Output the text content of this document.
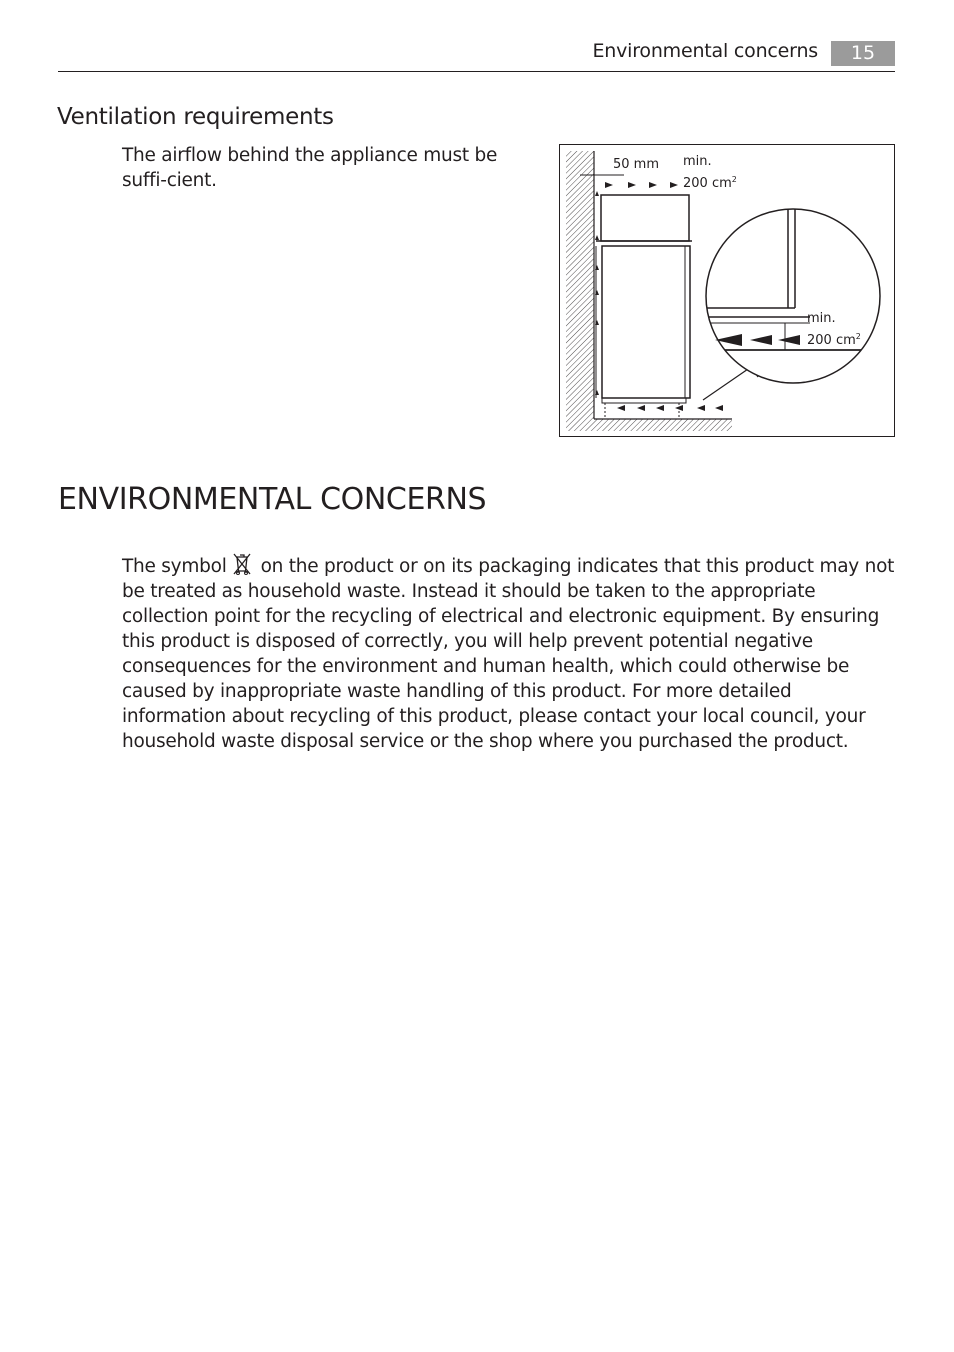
Environmental concerns	15
Ventilation requirements

The airflow behind the appliance must be suffi-cient.

50 mm min.
200 $cm^2$
min.
200 $cm^2$
ENVIRONMENTAL CONCERNS

The symbol on the product or on its packaging indicates that this product may not be treated as household waste. Instead it should be taken to the appropriate collection point for the recycling of electrical and electronic equipment. By ensuring this product is disposed of correctly, you will help prevent potential negative consequences for the environment and human health, which could otherwise be caused by inappropriate waste handling of this product. For more detailed information about recycling of this product, please contact your local council, your household waste disposal service or the shop where you purchased the product.
